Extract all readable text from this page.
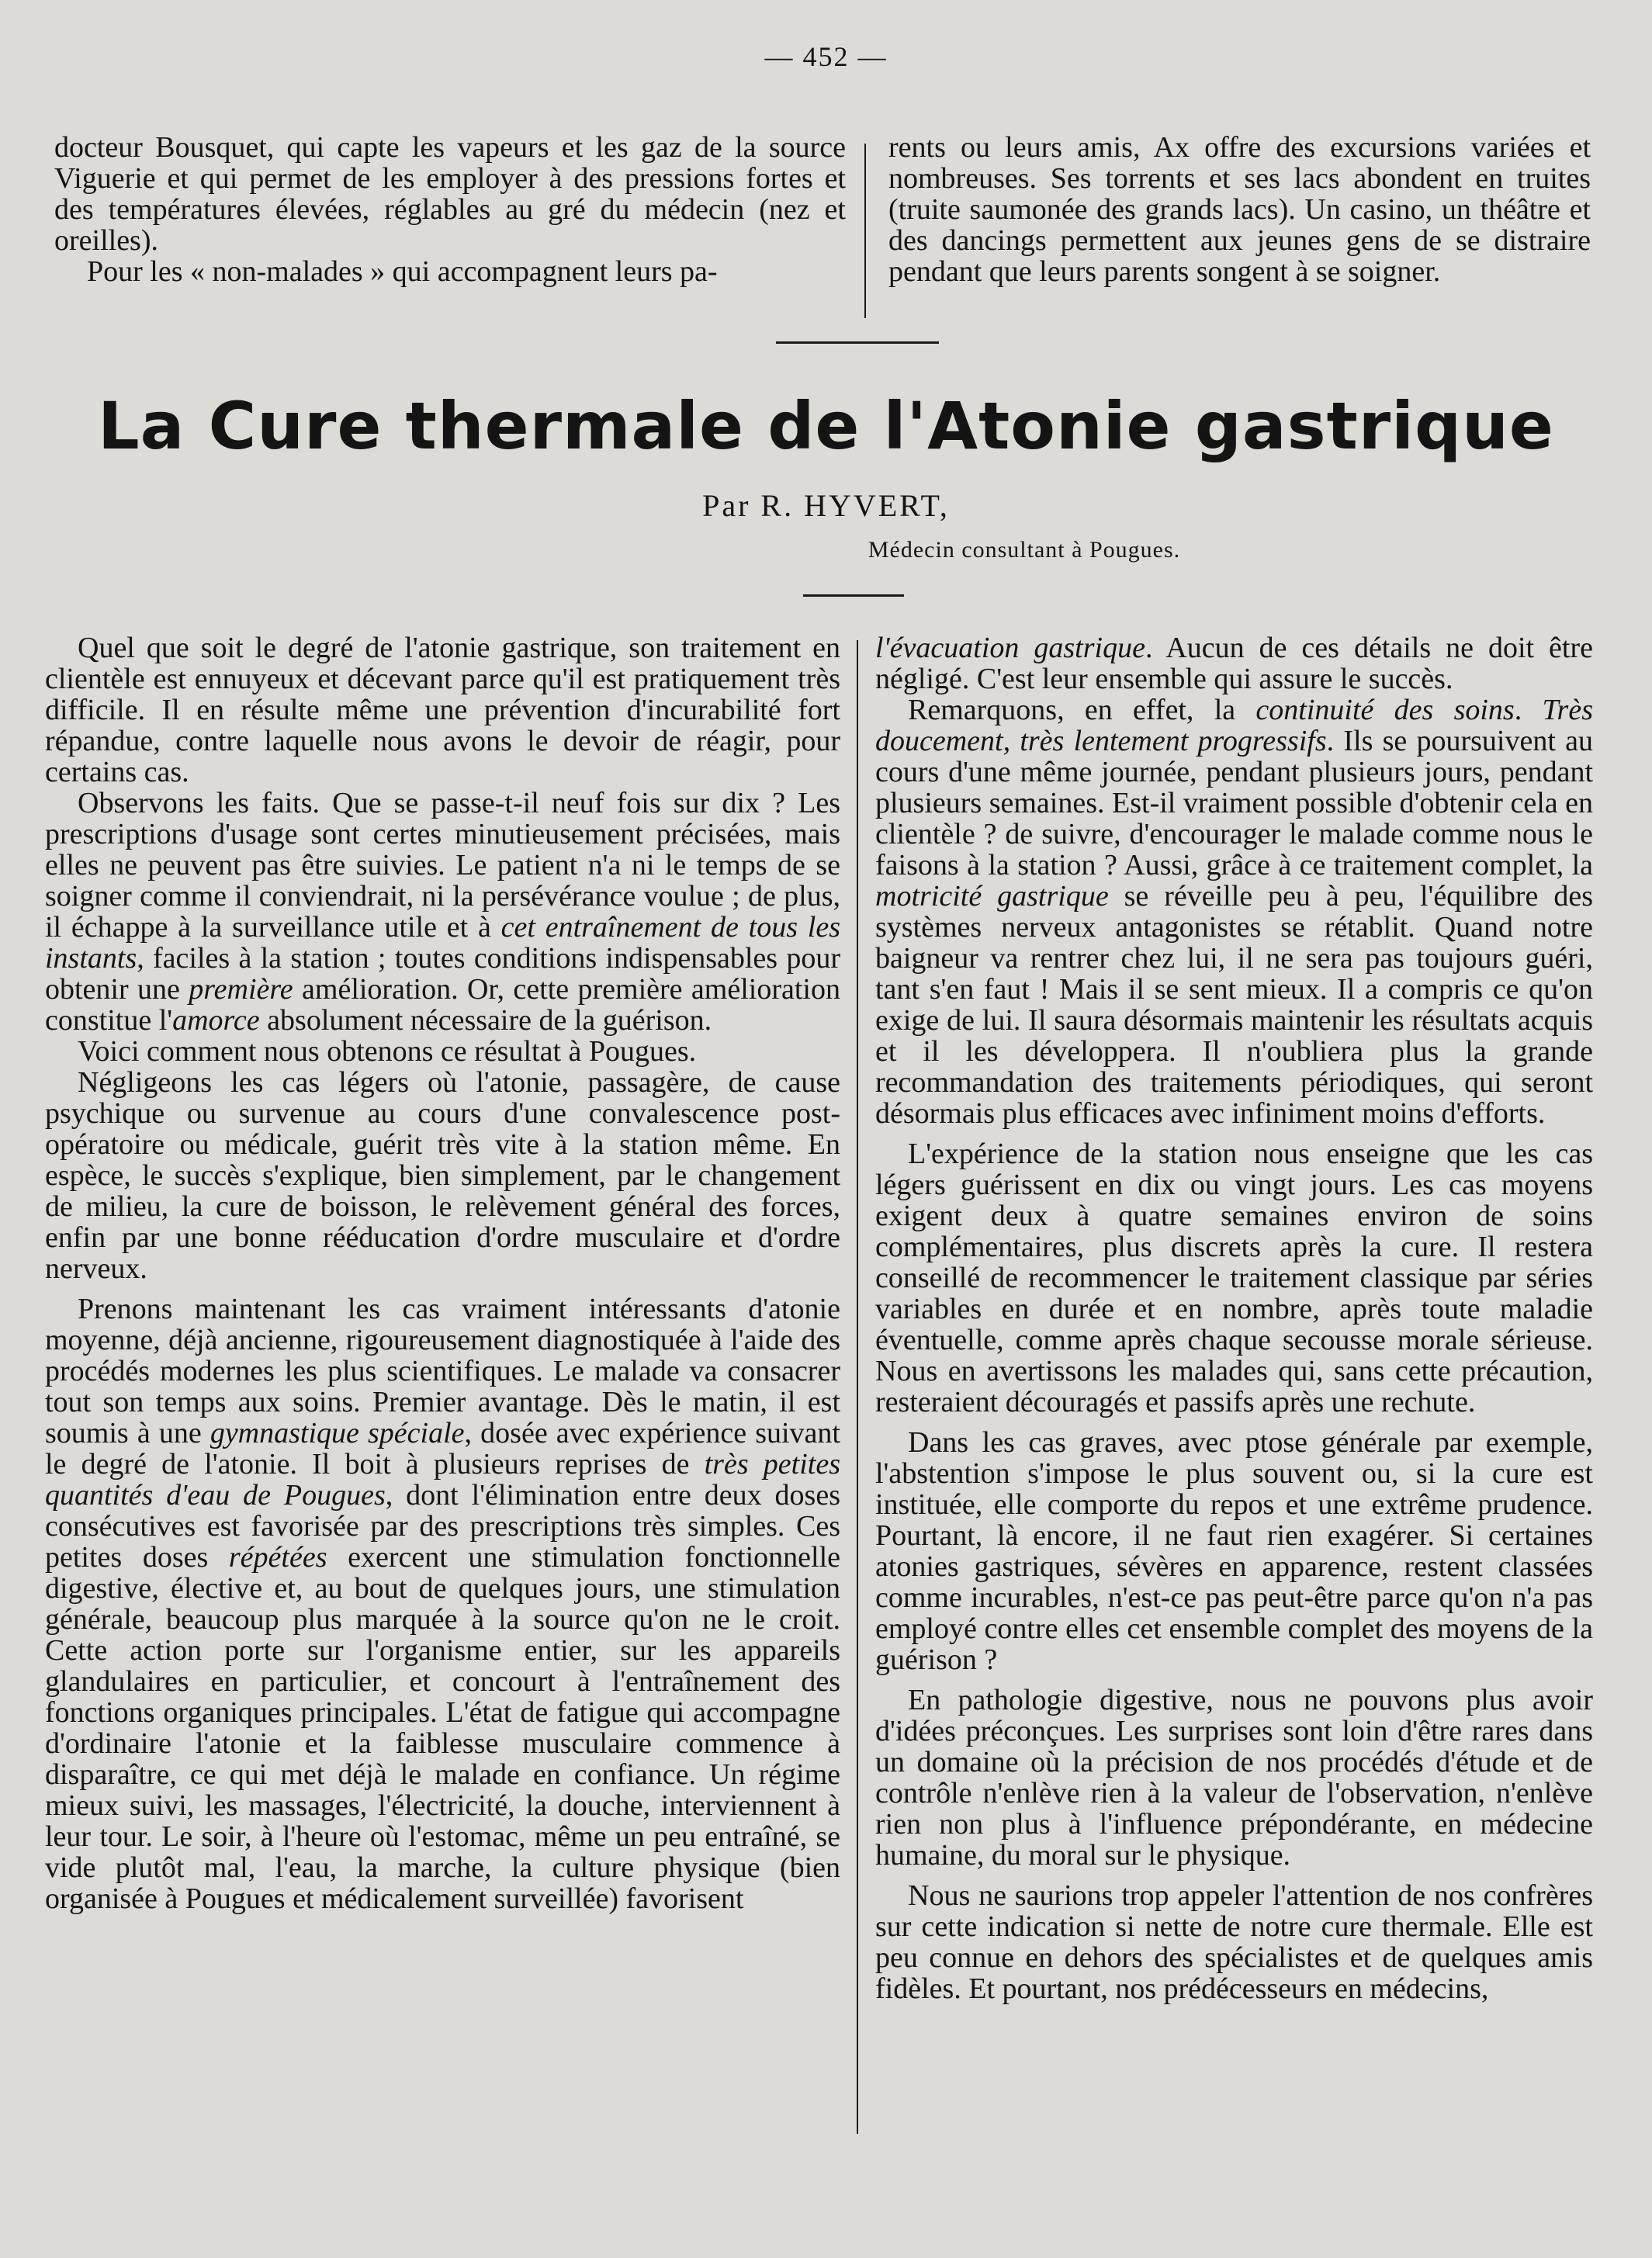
— 452 —

docteur Bousquet, qui capte les vapeurs et les gaz de la source Viguerie et qui permet de les employer à des pressions fortes et des températures élevées, réglables au gré du médecin (nez et oreilles).

Pour les « non-malades » qui accompagnent leurs pa-

rents ou leurs amis, Ax offre des excursions variées et nombreuses. Ses torrents et ses lacs abondent en truites (truite saumonée des grands lacs). Un casino, un théâtre et des dancings permettent aux jeunes gens de se distraire pendant que leurs parents songent à se soigner.

La Cure thermale de l'Atonie gastrique
Par R. HYVERT,
Médecin consultant à Pougues.

Quel que soit le degré de l'atonie gastrique, son traitement en clientèle est ennuyeux et décevant parce qu'il est pratiquement très difficile. Il en résulte même une prévention d'incurabilité fort répandue, contre laquelle nous avons le devoir de réagir, pour certains cas.

Observons les faits. Que se passe-t-il neuf fois sur dix ? Les prescriptions d'usage sont certes minutieusement précisées, mais elles ne peuvent pas être suivies. Le patient n'a ni le temps de se soigner comme il conviendrait, ni la persévérance voulue ; de plus, il échappe à la surveillance utile et à cet entraînement de tous les instants, faciles à la station ; toutes conditions indispensables pour obtenir une première amélioration. Or, cette première amélioration constitue l'amorce absolument nécessaire de la guérison.

Voici comment nous obtenons ce résultat à Pougues.

Négligeons les cas légers où l'atonie, passagère, de cause psychique ou survenue au cours d'une convalescence post-opératoire ou médicale, guérit très vite à la station même. En espèce, le succès s'explique, bien simplement, par le changement de milieu, la cure de boisson, le relèvement général des forces, enfin par une bonne rééducation d'ordre musculaire et d'ordre nerveux.

Prenons maintenant les cas vraiment intéressants d'atonie moyenne, déjà ancienne, rigoureusement diagnostiquée à l'aide des procédés modernes les plus scientifiques. Le malade va consacrer tout son temps aux soins. Premier avantage. Dès le matin, il est soumis à une gymnastique spéciale, dosée avec expérience suivant le degré de l'atonie. Il boit à plusieurs reprises de très petites quantités d'eau de Pougues, dont l'élimination entre deux doses consécutives est favorisée par des prescriptions très simples. Ces petites doses répétées exercent une stimulation fonctionnelle digestive, élective et, au bout de quelques jours, une stimulation générale, beaucoup plus marquée à la source qu'on ne le croit. Cette action porte sur l'organisme entier, sur les appareils glandulaires en particulier, et concourt à l'entraînement des fonctions organiques principales. L'état de fatigue qui accompagne d'ordinaire l'atonie et la faiblesse musculaire commence à disparaître, ce qui met déjà le malade en confiance. Un régime mieux suivi, les massages, l'électricité, la douche, interviennent à leur tour. Le soir, à l'heure où l'estomac, même un peu entraîné, se vide plutôt mal, l'eau, la marche, la culture physique (bien organisée à Pougues et médicalement surveillée) favorisent

l'évacuation gastrique. Aucun de ces détails ne doit être négligé. C'est leur ensemble qui assure le succès.

Remarquons, en effet, la continuité des soins. Très doucement, très lentement progressifs. Ils se poursuivent au cours d'une même journée, pendant plusieurs jours, pendant plusieurs semaines. Est-il vraiment possible d'obtenir cela en clientèle ? de suivre, d'encourager le malade comme nous le faisons à la station ? Aussi, grâce à ce traitement complet, la motricité gastrique se réveille peu à peu, l'équilibre des systèmes nerveux antagonistes se rétablit. Quand notre baigneur va rentrer chez lui, il ne sera pas toujours guéri, tant s'en faut ! Mais il se sent mieux. Il a compris ce qu'on exige de lui. Il saura désormais maintenir les résultats acquis et il les développera. Il n'oubliera plus la grande recommandation des traitements périodiques, qui seront désormais plus efficaces avec infiniment moins d'efforts.

L'expérience de la station nous enseigne que les cas légers guérissent en dix ou vingt jours. Les cas moyens exigent deux à quatre semaines environ de soins complémentaires, plus discrets après la cure. Il restera conseillé de recommencer le traitement classique par séries variables en durée et en nombre, après toute maladie éventuelle, comme après chaque secousse morale sérieuse. Nous en avertissons les malades qui, sans cette précaution, resteraient découragés et passifs après une rechute.

Dans les cas graves, avec ptose générale par exemple, l'abstention s'impose le plus souvent ou, si la cure est instituée, elle comporte du repos et une extrême prudence. Pourtant, là encore, il ne faut rien exagérer. Si certaines atonies gastriques, sévères en apparence, restent classées comme incurables, n'est-ce pas peut-être parce qu'on n'a pas employé contre elles cet ensemble complet des moyens de la guérison ?

En pathologie digestive, nous ne pouvons plus avoir d'idées préconçues. Les surprises sont loin d'être rares dans un domaine où la précision de nos procédés d'étude et de contrôle n'enlève rien à la valeur de l'observation, n'enlève rien non plus à l'influence prépondérante, en médecine humaine, du moral sur le physique.

Nous ne saurions trop appeler l'attention de nos confrères sur cette indication si nette de notre cure thermale. Elle est peu connue en dehors des spécialistes et de quelques amis fidèles. Et pourtant, nos prédécesseurs en médecins,
